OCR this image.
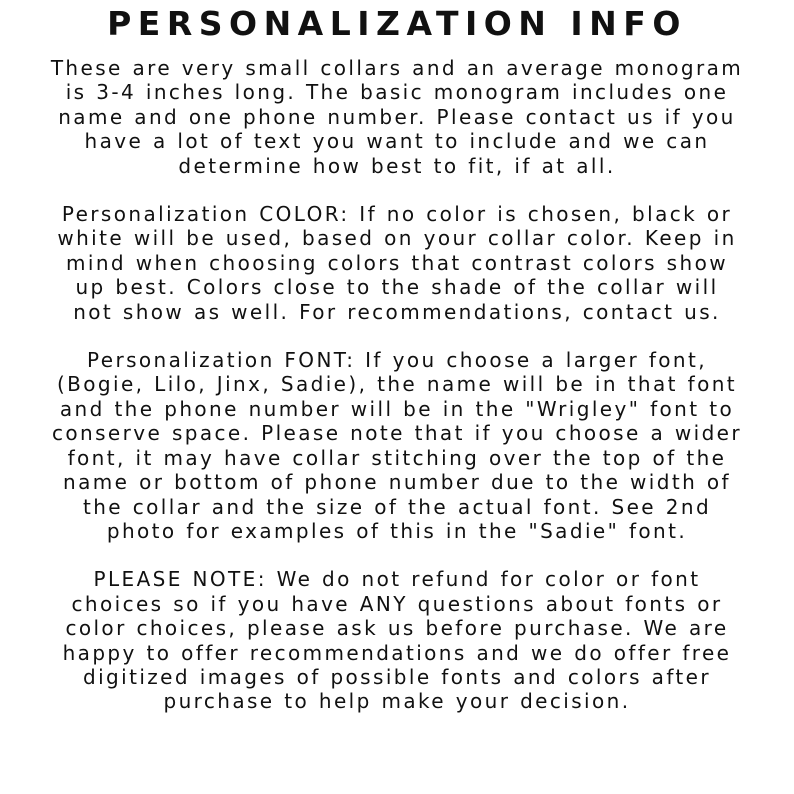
PERSONALIZATION INFO

These are very small collars and an average monogram
is 3-4 inches long. The basic monogram includes one
name and one phone number. Please contact us if you
have a lot of text you want to include and we can
determine how best to fit, if at all.

Personalization COLOR: If no color is chosen, black or
white will be used, based on your collar color. Keep in
mind when choosing colors that contrast colors show
up best. Colors close to the shade of the collar will
not show as well. For recommendations, contact us.

Personalization FONT: If you choose a larger font,
(Bogie, Lilo, Jinx, Sadie), the name will be in that font
and the phone number will be in the "Wrigley" font to
conserve space. Please note that if you choose a wider
font, it may have collar stitching over the top of the
name or bottom of phone number due to the width of
the collar and the size of the actual font. See 2nd
photo for examples of this in the "Sadie" font.

PLEASE NOTE: We do not refund for color or font
choices so if you have ANY questions about fonts or
color choices, please ask us before purchase. We are
happy to offer recommendations and we do offer free
digitized images of possible fonts and colors after
purchase to help make your decision.
